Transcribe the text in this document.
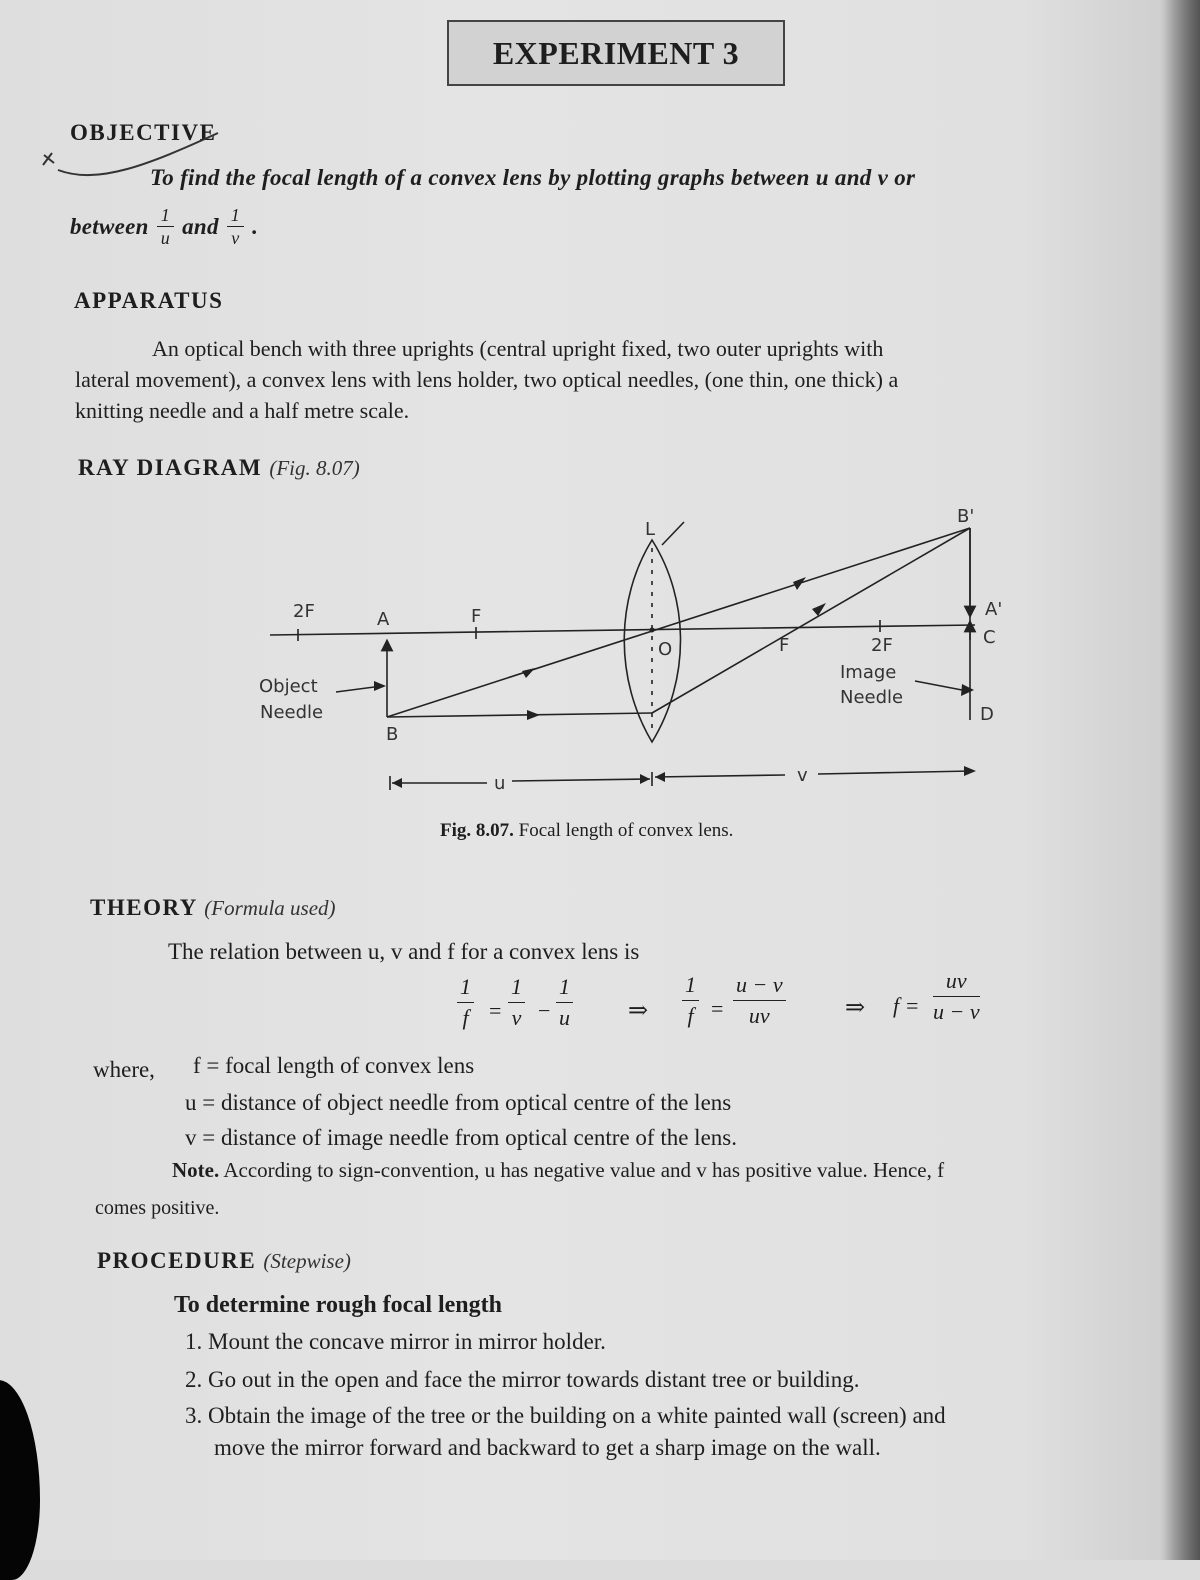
EXPERIMENT 3
OBJECTIVE
To find the focal length of a convex lens by plotting graphs between u and v or
between $\frac{1}{u}$ and $\frac{1}{v}$ .
APPARATUS
An optical bench with three uprights (central upright fixed, two outer uprights with
lateral movement), a convex lens with lens holder, two optical needles, (one thin, one thick) a
knitting needle and a half metre scale.
RAY DIAGRAM (Fig. 8.07)
L
B'
2F	A	F
O	F	2F
A'
C
Object
Needle
Image
Needle
B
D
u	v
Fig. 8.07. Focal length of convex lens.
THEORY (Formula used)
The relation between u, v and f for a convex lens is
$\frac{1}{f} = \frac{1}{v} - \frac{1}{u}$ ⇒ $\frac{1}{f} = \frac{u - v}{uv}$ ⇒ $f = \frac{uv}{u - v}$
where, f = focal length of convex lens
u = distance of object needle from optical centre of the lens
v = distance of image needle from optical centre of the lens.
Note. According to sign-convention, u has negative value and v has positive value. Hence, f
comes positive.
PROCEDURE (Stepwise)
To determine rough focal length
1. Mount the concave mirror in mirror holder.
2. Go out in the open and face the mirror towards distant tree or building.
3. Obtain the image of the tree or the building on a white painted wall (screen) and
move the mirror forward and backward to get a sharp image on the wall.
